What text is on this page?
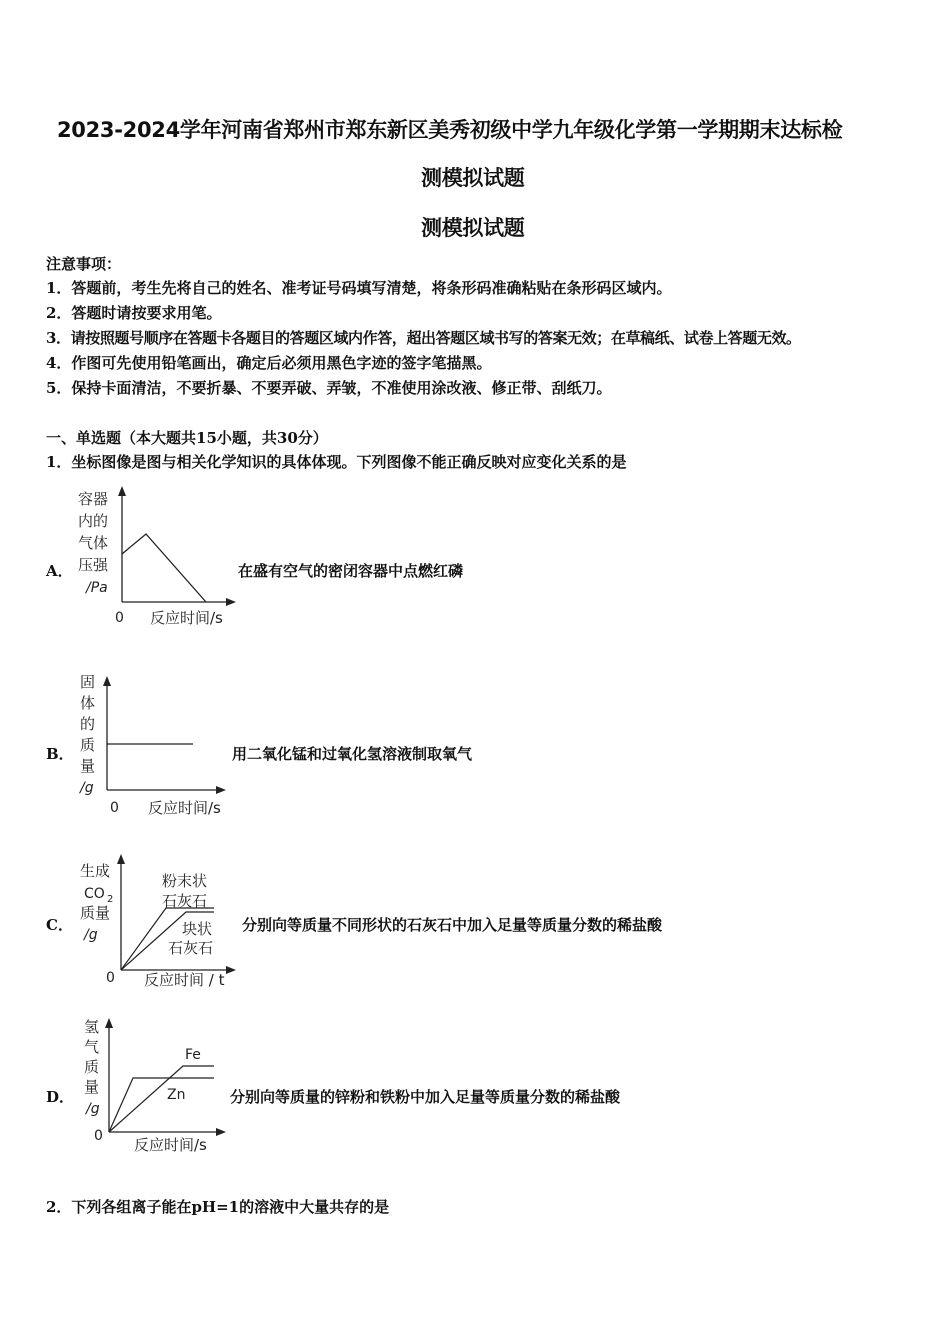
2023-2024学年河南省郑州市郑东新区美秀初级中学九年级化学第一学期期末达标检
测模拟试题
测模拟试题
注意事项：
1．答题前，考生先将自己的姓名、准考证号码填写清楚，将条形码准确粘贴在条形码区域内。
2．答题时请按要求用笔。
3．请按照题号顺序在答题卡各题目的答题区域内作答，超出答题区域书写的答案无效；在草稿纸、试卷上答题无效。
4．作图可先使用铅笔画出，确定后必须用黑色字迹的签字笔描黑。
5．保持卡面清洁，不要折暴、不要弄破、弄皱，不准使用涂改液、修正带、刮纸刀。
一、单选题（本大题共15小题，共30分）
1．坐标图像是图与相关化学知识的具体体现。下列图像不能正确反映对应变化关系的是
A．
容器
内的
气体
压强
/Pa
0 反应时间/s
在盛有空气的密闭容器中点燃红磷
B．
固
体
的
质
量
/g
0 反应时间/s
用二氧化锰和过氧化氢溶液制取氧气
C．
粉末状
石灰石
块状
石灰石
生成
CO 2
质量
/g
0 反应时间 / t
分别向等质量不同形状的石灰石中加入足量等质量分数的稀盐酸
D．
Fe
Zn
氢
气
质
量
/g
0 反应时间/s
分别向等质量的锌粉和铁粉中加入足量等质量分数的稀盐酸
2．下列各组离子能在pH=1的溶液中大量共存的是
